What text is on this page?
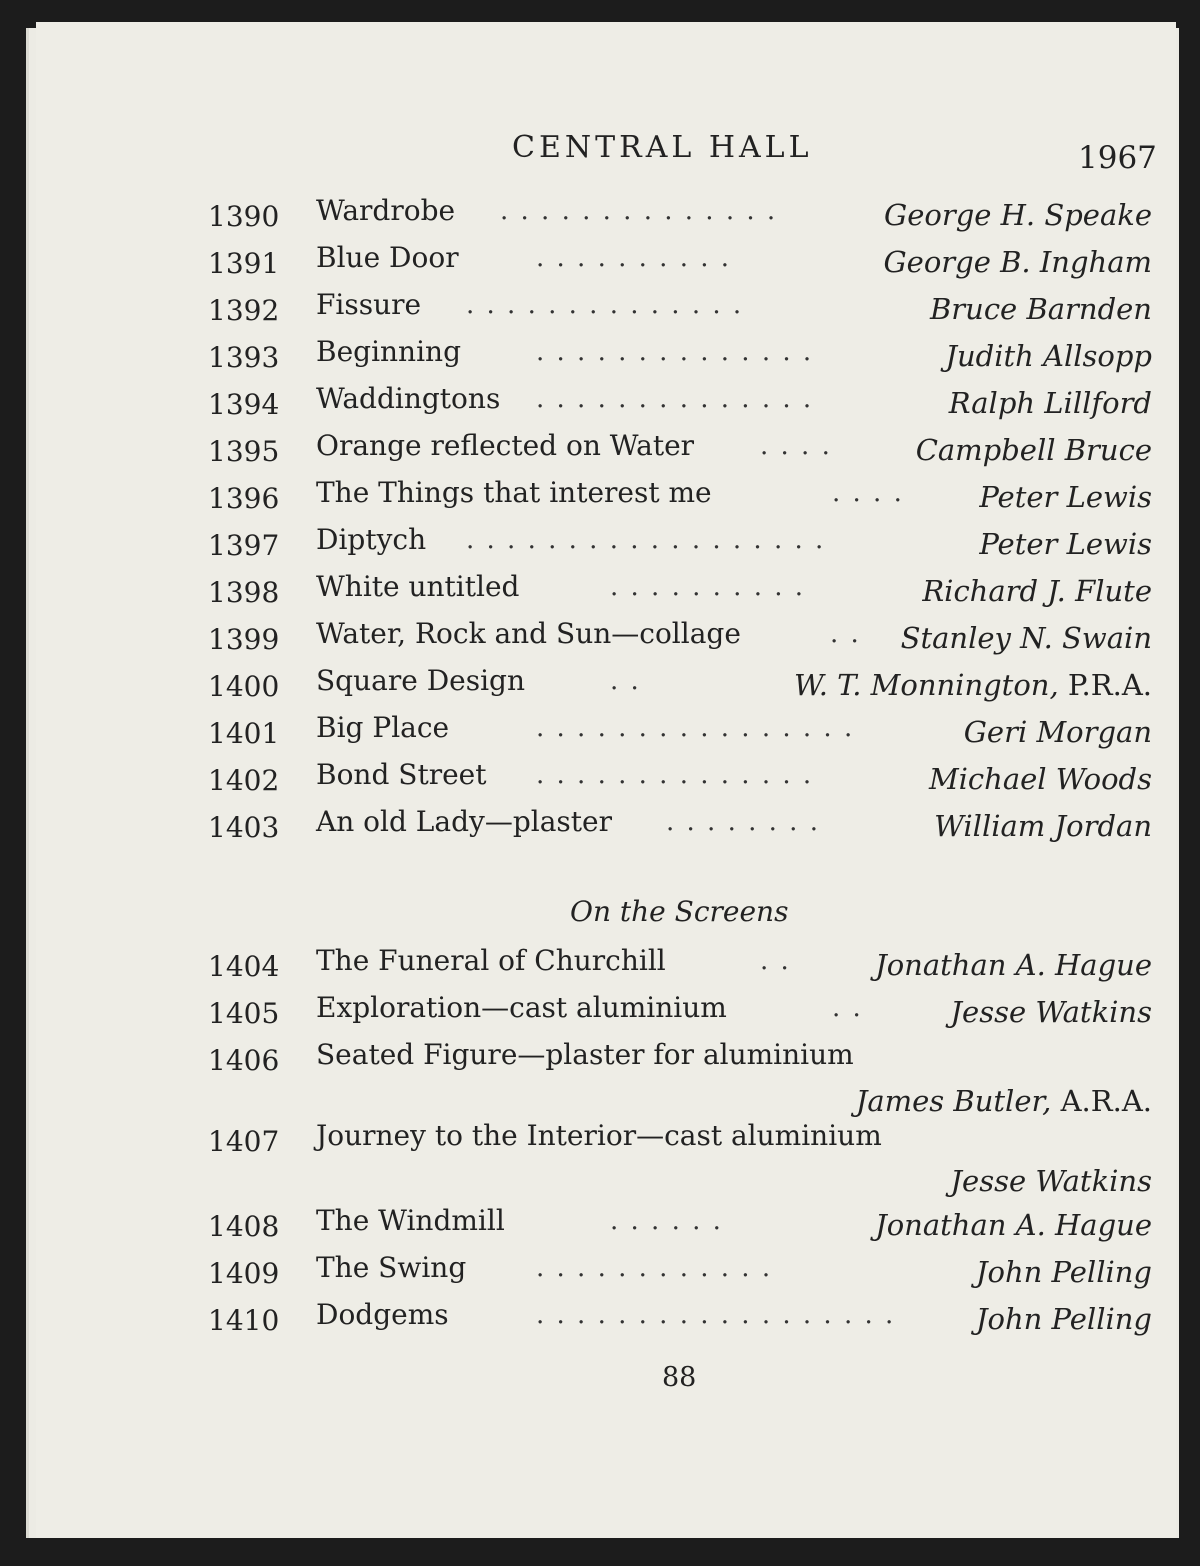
CENTRAL HALL	1967
1390 Wardrobe . . . . . . . . . . . . . .	George H. Speake
1391 Blue Door	. . . . . . . . . .	George B. Ingham
1392 Fissure . . . . . . . . . . . . . .	Bruce Barnden
1393 Beginning	. . . . . . . . . . . . . .	Judith Allsopp
1394 Waddingtons . . . . . . . . . . . . . .	Ralph Lillford
1395 Orange reflected on Water	. . . .	Campbell Bruce
1396 The Things that interest me	. . . .	Peter Lewis
1397 Diptych . . . . . . . . . . . . . . . . . .	Peter Lewis
1398 White untitled	. . . . . . . . . .	Richard J. Flute
1399 Water, Rock and Sun—collage	. . Stanley N. Swain
1400 Square Design	. .	W. T. Monnington, P.R.A.
1401 Big Place	. . . . . . . . . . . . . . . .	Geri Morgan
1402 Bond Street . . . . . . . . . . . . . .	Michael Woods
1403 An old Lady—plaster . . . . . . . .	William Jordan
On the Screens
1404 The Funeral of Churchill	. .	Jonathan A. Hague
1405 Exploration—cast aluminium	. .	Jesse Watkins
1406 Seated Figure—plaster for aluminium
James Butler, A.R.A.
1407 Journey to the Interior—cast aluminium
Jesse Watkins
1408 The Windmill	. . . . . .	Jonathan A. Hague
1409 The Swing	. . . . . . . . . . . .	John Pelling
1410 Dodgems	. . . . . . . . . . . . . . . . . .	John Pelling
88
